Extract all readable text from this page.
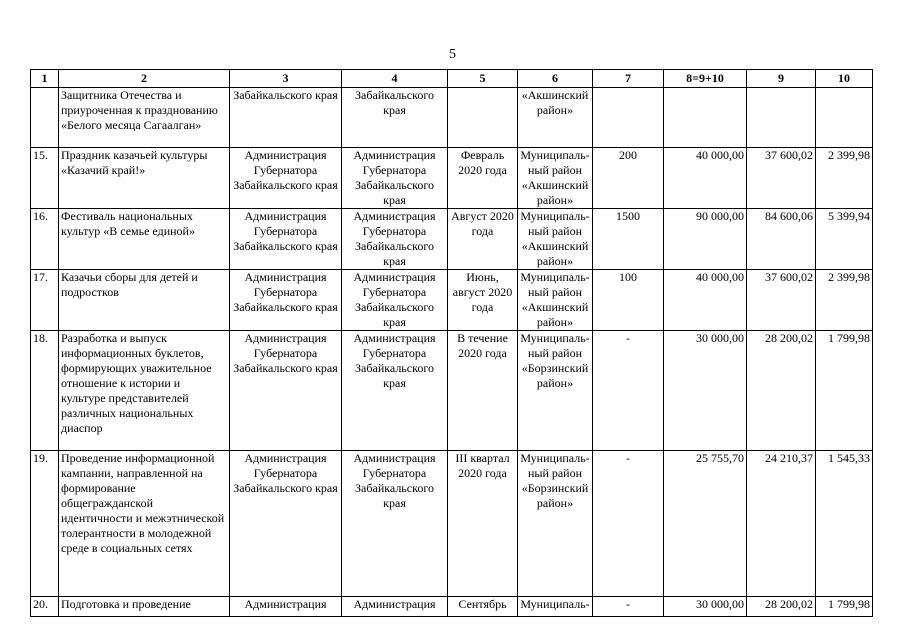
5
1	2	3	4	5	6	7	8=9+10	9	10
	Защитника Отечества и приуроченная к празднованию «Белого месяца Сагаалган»	Забайкальского края	Забайкальского края		«Акшинский район»				
15.	Праздник казачьей культуры «Казачий край!»	Администрация Губернатора Забайкальского края	Администрация Губернатора Забайкальского края	Февраль 2020 года	Муниципаль-ный район «Акшинский район»	200	40 000,00	37 600,02	2 399,98
16.	Фестиваль национальных культур «В семье единой»	Администрация Губернатора Забайкальского края	Администрация Губернатора Забайкальского края	Август 2020 года	Муниципаль-ный район «Акшинский район»	1500	90 000,00	84 600,06	5 399,94
17.	Казачьи сборы для детей и подростков	Администрация Губернатора Забайкальского края	Администрация Губернатора Забайкальского края	Июнь, август 2020 года	Муниципаль-ный район «Акшинский район»	100	40 000,00	37 600,02	2 399,98
18.	Разработка и выпуск информационных буклетов, формирующих уважительное отношение к истории и культуре представителей различных национальных диаспор	Администрация Губернатора Забайкальского края	Администрация Губернатора Забайкальского края	В течение 2020 года	Муниципаль-ный район «Борзинский район»	-	30 000,00	28 200,02	1 799,98
19.	Проведение информационной кампании, направленной на формирование общегражданской идентичности и межэтнической толерантности в молодежной среде в социальных сетях	Администрация Губернатора Забайкальского края	Администрация Губернатора Забайкальского края	III квартал 2020 года	Муниципаль-ный район «Борзинский район»	-	25 755,70	24 210,37	1 545,33
20.	Подготовка и проведение	Администрация	Администрация	Сентябрь	Муниципаль-	-	30 000,00	28 200,02	1 799,98
